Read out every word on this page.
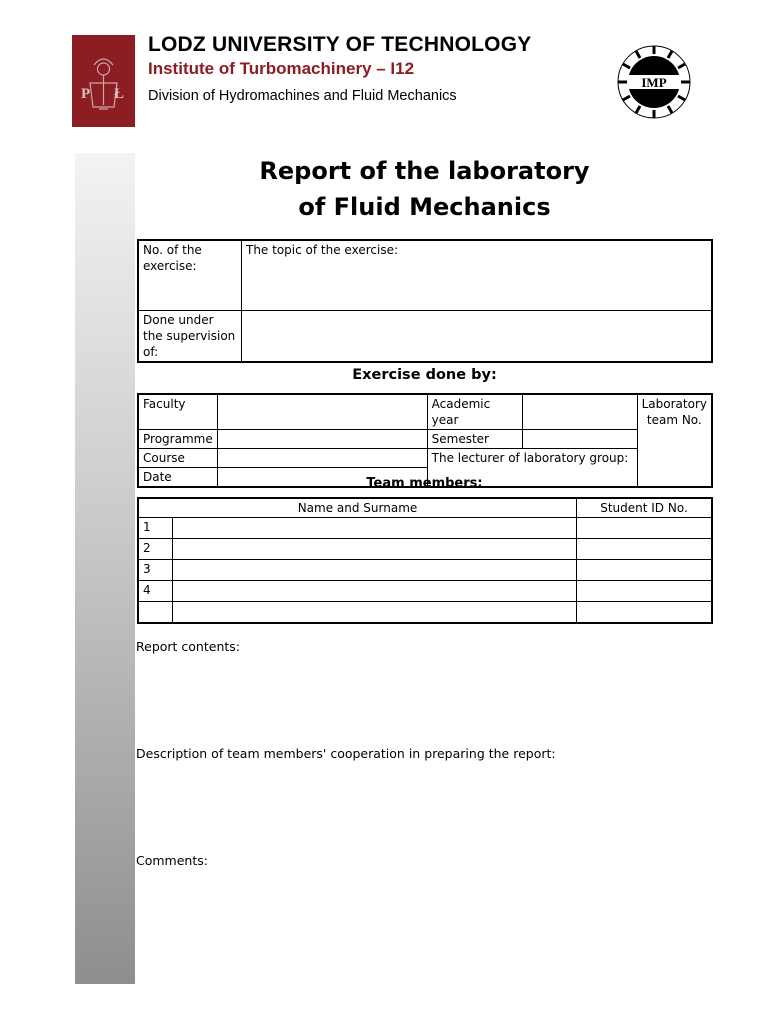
P Ł
LODZ UNIVERSITY OF TECHNOLOGY
Institute of Turbomachinery – I12
Division of Hydromachines and Fluid Mechanics
IMP
Report of the laboratory
of Fluid Mechanics
No. of the exercise:	The topic of the exercise:
Done under the supervision of:	
Exercise done by:
Faculty		Academic year		Laboratory team No.
Programme		Semester		
Course		The lecturer of laboratory group:		
Date					Team members:
Name and Surname		Student ID No.
1		
2		
3		
4		

Report contents:
Description of team members' cooperation in preparing the report:
Comments:
